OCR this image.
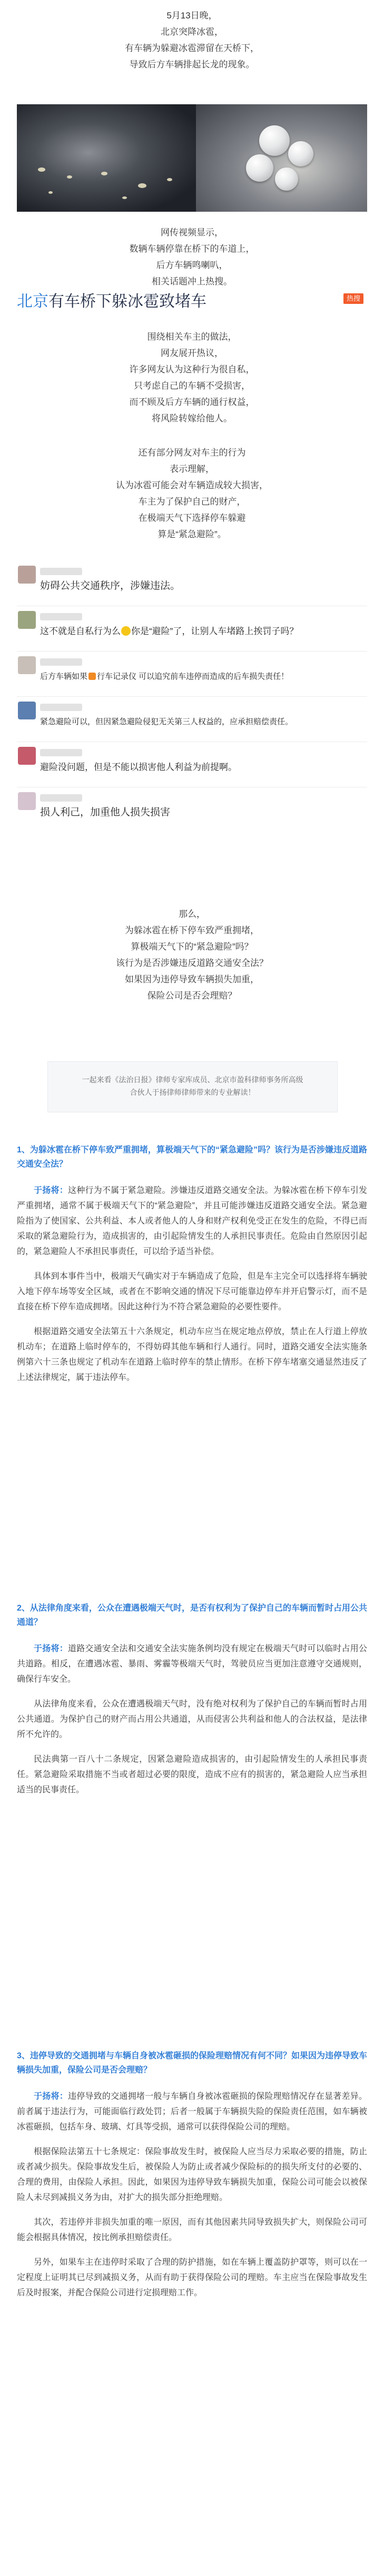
5月13日晚，
北京突降冰雹，
有车辆为躲避冰雹滞留在天桥下，
导致后方车辆排起长龙的现象。
网传视频显示，
数辆车辆停靠在桥下的车道上，
后方车辆鸣喇叭，
相关话题冲上热搜。
北京有车桥下躲冰雹致堵车	热搜
围绕相关车主的做法，
网友展开热议，
许多网友认为这种行为很自私，
只考虑自己的车辆不受损害，
而不顾及后方车辆的通行权益，
将风险转嫁给他人。
还有部分网友对车主的行为
表示理解，
认为冰雹可能会对车辆造成较大损害，
车主为了保护自己的财产，
在极端天气下选择停车躲避
算是“紧急避险”。
妨碍公共交通秩序，涉嫌违法。
这不就是自私行为么 你是“避险”了，让别人车堵路上挨罚子吗？
后方车辆如果 行车记录仪 可以追究前车违停而造成的后车损失责任！
紧急避险可以，但因紧急避险侵犯无关第三人权益的，应承担赔偿责任。
避险没问题，但是不能以损害他人利益为前提啊。
损人利己，加重他人损失损害
那么，
为躲冰雹在桥下停车致严重拥堵，
算极端天气下的“紧急避险”吗？
该行为是否涉嫌违反道路交通安全法？
如果因为违停导致车辆损失加重，
保险公司是否会理赔？
一起来看《法治日报》律师专家库成员、北京市盈科律师事务所高级
合伙人于扬律师律师带来的专业解读！
1、为躲冰雹在桥下停车致严重拥堵，算极端天气下的“紧急避险”吗？该行为是否涉嫌违反道路交通安全法？

于扬将：这种行为不属于紧急避险。涉嫌违反道路交通安全法。为躲冰雹在桥下停车引发严重拥堵，通常不属于极端天气下的“紧急避险”，并且可能涉嫌违反道路交通安全法。紧急避险指为了使国家、公共利益、本人或者他人的人身和财产权利免受正在发生的危险，不得已而采取的紧急避险行为，造成损害的，由引起险情发生的人承担民事责任。危险由自然原因引起的，紧急避险人不承担民事责任，可以给予适当补偿。

具体到本事件当中，极端天气确实对于车辆造成了危险，但是车主完全可以选择将车辆驶入地下停车场等安全区域，或者在不影响交通的情况下尽可能靠边停车并开启警示灯，而不是直接在桥下停车造成拥堵。因此这种行为不符合紧急避险的必要性要件。

根据道路交通安全法第五十六条规定，机动车应当在规定地点停放，禁止在人行道上停放机动车；在道路上临时停车的，不得妨碍其他车辆和行人通行。同时，道路交通安全法实施条例第六十三条也规定了机动车在道路上临时停车的禁止情形。在桥下停车堵塞交通显然违反了上述法律规定，属于违法停车。

2、从法律角度来看，公众在遭遇极端天气时，是否有权利为了保护自己的车辆而暂时占用公共通道？

于扬将：道路交通安全法和交通安全法实施条例均没有规定在极端天气时可以临时占用公共道路。相反，在遭遇冰雹、暴雨、雾霾等极端天气时，驾驶员应当更加注意遵守交通规则，确保行车安全。

从法律角度来看，公众在遭遇极端天气时，没有绝对权利为了保护自己的车辆而暂时占用公共通道。为保护自己的财产而占用公共通道，从而侵害公共利益和他人的合法权益，是法律所不允许的。

民法典第一百八十二条规定，因紧急避险造成损害的，由引起险情发生的人承担民事责任。紧急避险采取措施不当或者超过必要的限度，造成不应有的损害的，紧急避险人应当承担适当的民事责任。

3、违停导致的交通拥堵与车辆自身被冰雹砸损的保险理赔情况有何不同？如果因为违停导致车辆损失加重，保险公司是否会理赔？

于扬将：违停导致的交通拥堵一般与车辆自身被冰雹砸损的保险理赔情况存在显著差异。前者属于违法行为，可能面临行政处罚；后者一般属于车辆损失险的保险责任范围，如车辆被冰雹砸损，包括车身、玻璃、灯具等受损，通常可以获得保险公司的理赔。

根据保险法第五十七条规定：保险事故发生时，被保险人应当尽力采取必要的措施，防止或者减少损失。保险事故发生后，被保险人为防止或者减少保险标的的损失所支付的必要的、合理的费用，由保险人承担。因此，如果因为违停导致车辆损失加重，保险公司可能会以被保险人未尽到减损义务为由，对扩大的损失部分拒绝理赔。

其次，若违停并非损失加重的唯一原因，而有其他因素共同导致损失扩大，则保险公司可能会根据具体情况，按比例承担赔偿责任。

另外，如果车主在违停时采取了合理的防护措施，如在车辆上覆盖防护罩等，则可以在一定程度上证明其已尽到减损义务，从而有助于获得保险公司的理赔。车主应当在保险事故发生后及时报案，并配合保险公司进行定损理赔工作。
